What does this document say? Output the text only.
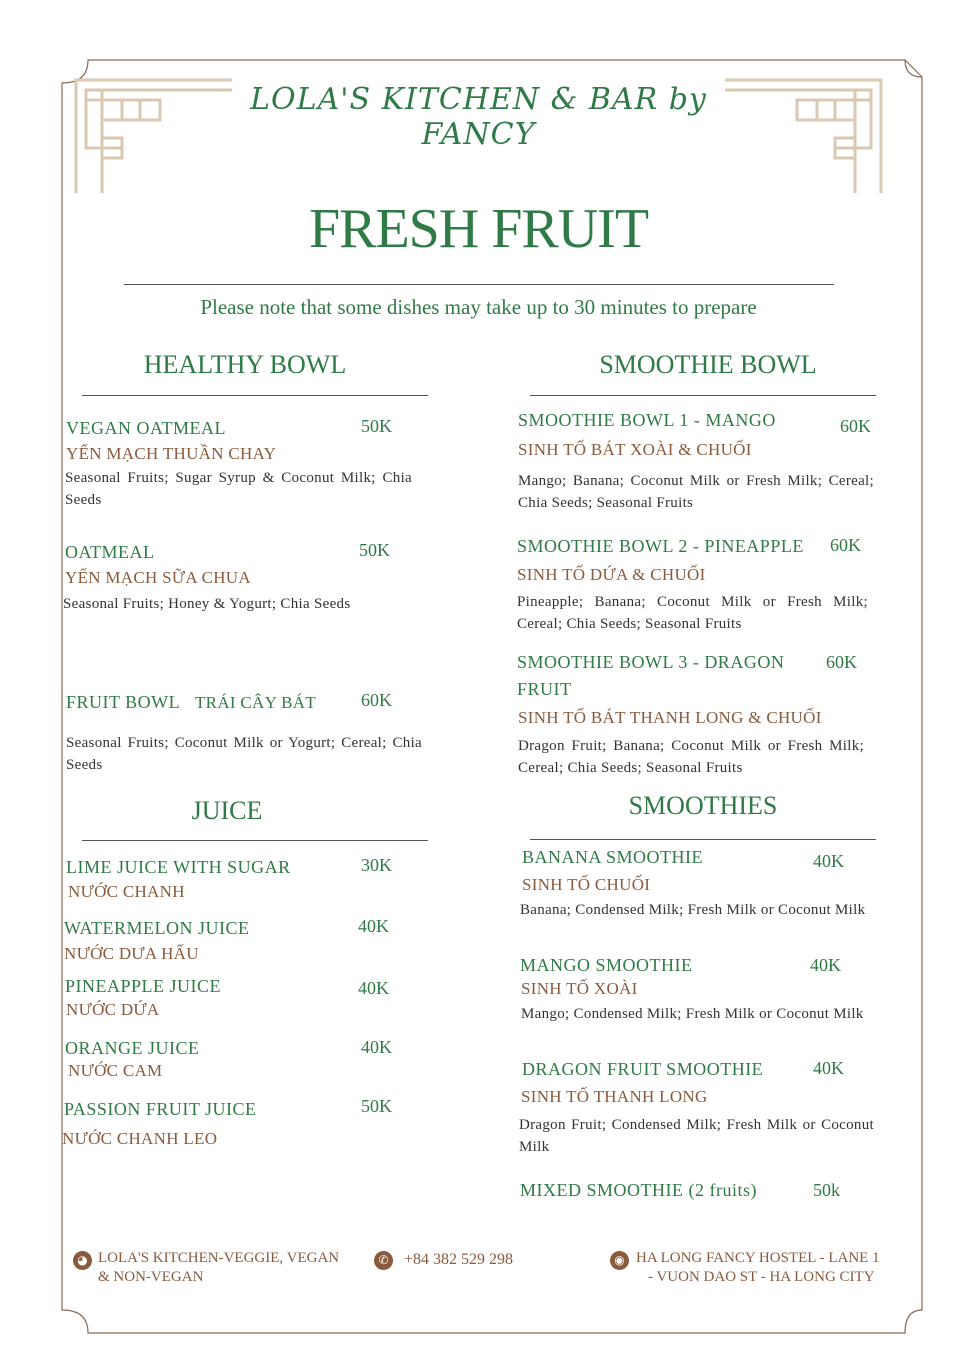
LOLA'S KITCHEN & BAR by FANCY
FRESH FRUIT
Please note that some dishes may take up to 30 minutes to prepare
HEALTHY BOWL
VEGAN OATMEAL	50K
YẾN MẠCH THUẦN CHAY
Seasonal Fruits; Sugar Syrup & Coconut Milk; Chia Seeds
OATMEAL	50K
YẾN MẠCH SỮA CHUA
Seasonal Fruits; Honey & Yogurt; Chia Seeds
FRUIT BOWL TRÁI CÂY BÁT 60K
Seasonal Fruits; Coconut Milk or Yogurt; Cereal; Chia Seeds
JUICE
LIME JUICE WITH SUGAR	30K
NƯỚC CHANH
WATERMELON JUICE	40K
NƯỚC DƯA HẤU
PINEAPPLE JUICE	40K
NƯỚC DỨA
ORANGE JUICE	40K
NƯỚC CAM
PASSION FRUIT JUICE	50K
NƯỚC CHANH LEO
SMOOTHIE BOWL
SMOOTHIE BOWL 1 - MANGO	60K
SINH TỐ BÁT XOÀI & CHUỐI
Mango; Banana; Coconut Milk or Fresh Milk; Cereal; Chia Seeds; Seasonal Fruits
SMOOTHIE BOWL 2 - PINEAPPLE 60K
SINH TỐ DỨA & CHUỐI
Pineapple; Banana; Coconut Milk or Fresh Milk; Cereal; Chia Seeds; Seasonal Fruits
SMOOTHIE BOWL 3 - DRAGON
FRUIT
60K
SINH TỐ BÁT THANH LONG & CHUỐI
Dragon Fruit; Banana; Coconut Milk or Fresh Milk; Cereal; Chia Seeds; Seasonal Fruits
SMOOTHIES
BANANA SMOOTHIE	40K
SINH TỐ CHUỐI
Banana; Condensed Milk; Fresh Milk or Coconut Milk
MANGO SMOOTHIE	40K
SINH TỐ XOÀI
Mango; Condensed Milk; Fresh Milk or Coconut Milk
DRAGON FRUIT SMOOTHIE	40K
SINH TỐ THANH LONG
Dragon Fruit; Condensed Milk; Fresh Milk or Coconut Milk
MIXED SMOOTHIE (2 fruits)	50k
◕ LOLA'S KITCHEN-VEGGIE, VEGAN
& NON-VEGAN
✆ +84 382 529 298	◉ HA LONG FANCY HOSTEL - LANE 1
- VUON DAO ST - HA LONG CITY
